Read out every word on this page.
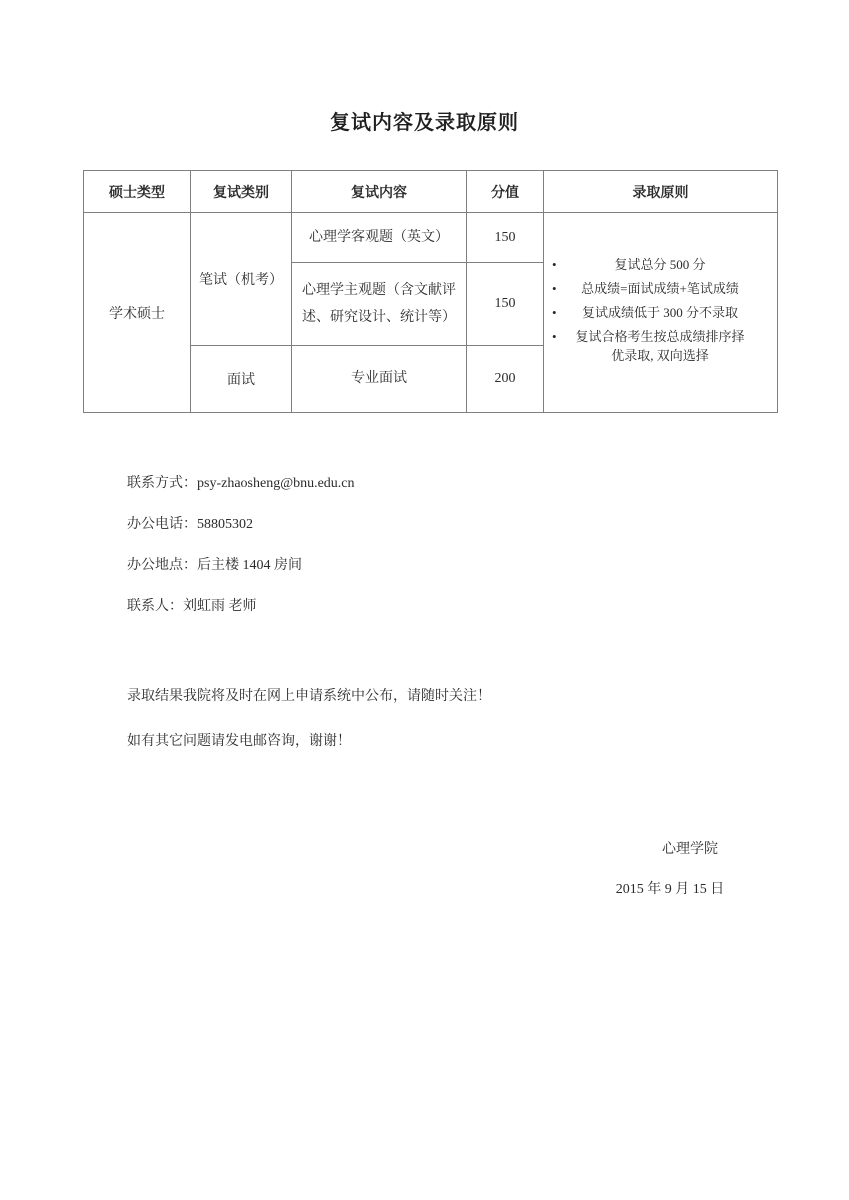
复试内容及录取原则
硕士类型	复试类别	复试内容	分值	录取原则
学术硕士	笔试（机考）	心理学客观题（英文）	150	
•	复试总分 500 分
•	总成绩=面试成绩+笔试成绩
•	复试成绩低于 300 分不录取
•	复试合格考生按总成绩排序择优录取, 双向选择

		心理学主观题（含文献评述、研究设计、统计等）	150	
	面试	专业面试	200	
联系方式：psy-zhaosheng@bnu.edu.cn
办公电话：58805302
办公地点：后主楼 1404 房间
联系人：刘虹雨 老师
录取结果我院将及时在网上申请系统中公布，请随时关注！
如有其它问题请发电邮咨询，谢谢！
心理学院
2015 年 9 月 15 日
